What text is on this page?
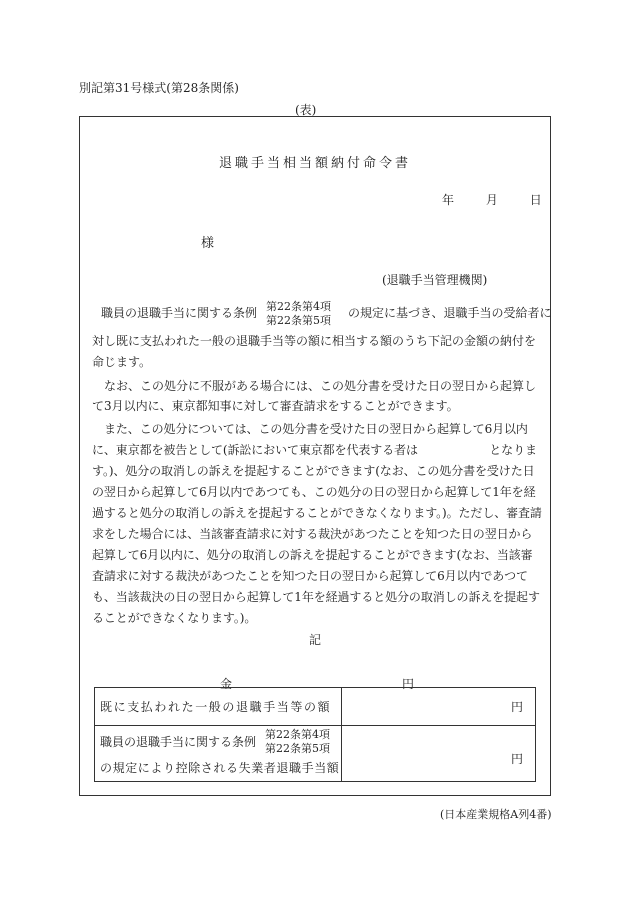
別記第31号様式(第28条関係)
(表)
退職手当相当額納付命令書
年	月	日
様
(退職手当管理機関)
職員の退職手当に関する条例 第22条第4項
第22条第5項
の規定に基づき、退職手当の受給者に
対し既に支払われた一般の退職手当等の額に相当する額のうち下記の金額の納付を命じます。
なお、この処分に不服がある場合には、この処分書を受けた日の翌日から起算して3月以内に、東京都知事に対して審査請求をすることができます。
また、この処分については、この処分書を受けた日の翌日から起算して6月以内に、東京都を被告として(訴訟において東京都を代表する者は　　　　　　となります。)、処分の取消しの訴えを提起することができます(なお、この処分書を受けた日の翌日から起算して6月以内であつても、この処分の日の翌日から起算して1年を経過すると処分の取消しの訴えを提起することができなくなります。)。ただし、審査請求をした場合には、当該審査請求に対する裁決があつたことを知つた日の翌日から起算して6月以内に、処分の取消しの訴えを提起することができます(なお、当該審査請求に対する裁決があつたことを知つた日の翌日から起算して6月以内であつても、当該裁決の日の翌日から起算して1年を経過すると処分の取消しの訴えを提起することができなくなります。)。
記
金	円
既に支払われた一般の退職手当等の額	円

職員の退職手当に関する条例
第22条第4項
第22条第5項
の規定により控除される失業者退職手当額	円
(日本産業規格A列4番)
